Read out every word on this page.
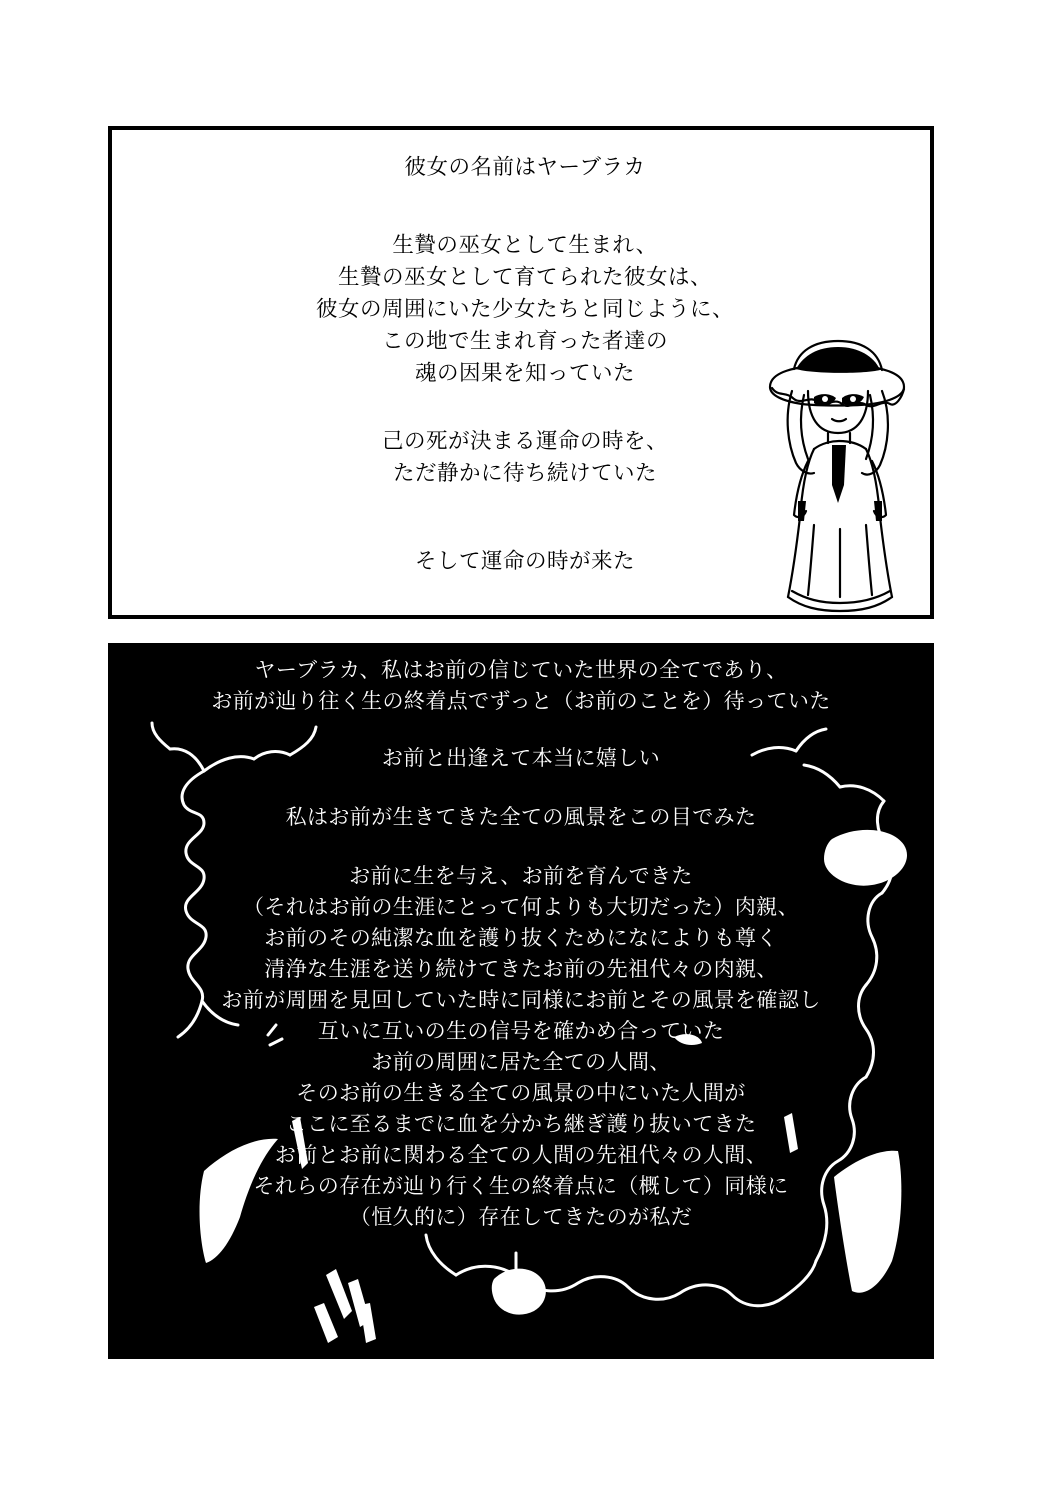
彼女の名前はヤーブラカ
生贄の巫女として生まれ、
生贄の巫女として育てられた彼女は、
彼女の周囲にいた少女たちと同じように、
この地で生まれ育った者達の
魂の因果を知っていた
己の死が決まる運命の時を、
ただ静かに待ち続けていた
そして運命の時が来た
ヤーブラカ、私はお前の信じていた世界の全てであり、
お前が辿り往く生の終着点でずっと（お前のことを）待っていた
お前と出逢えて本当に嬉しい
私はお前が生きてきた全ての風景をこの目でみた
お前に生を与え、お前を育んできた
（それはお前の生涯にとって何よりも大切だった）肉親、
お前のその純潔な血を護り抜くためになによりも尊く
清浄な生涯を送り続けてきたお前の先祖代々の肉親、
お前が周囲を見回していた時に同様にお前とその風景を確認し
互いに互いの生の信号を確かめ合っていた
お前の周囲に居た全ての人間、
そのお前の生きる全ての風景の中にいた人間が
ここに至るまでに血を分かち継ぎ護り抜いてきた
お前とお前に関わる全ての人間の先祖代々の人間、
それらの存在が辿り行く生の終着点に（概して）同様に
（恒久的に）存在してきたのが私だ
